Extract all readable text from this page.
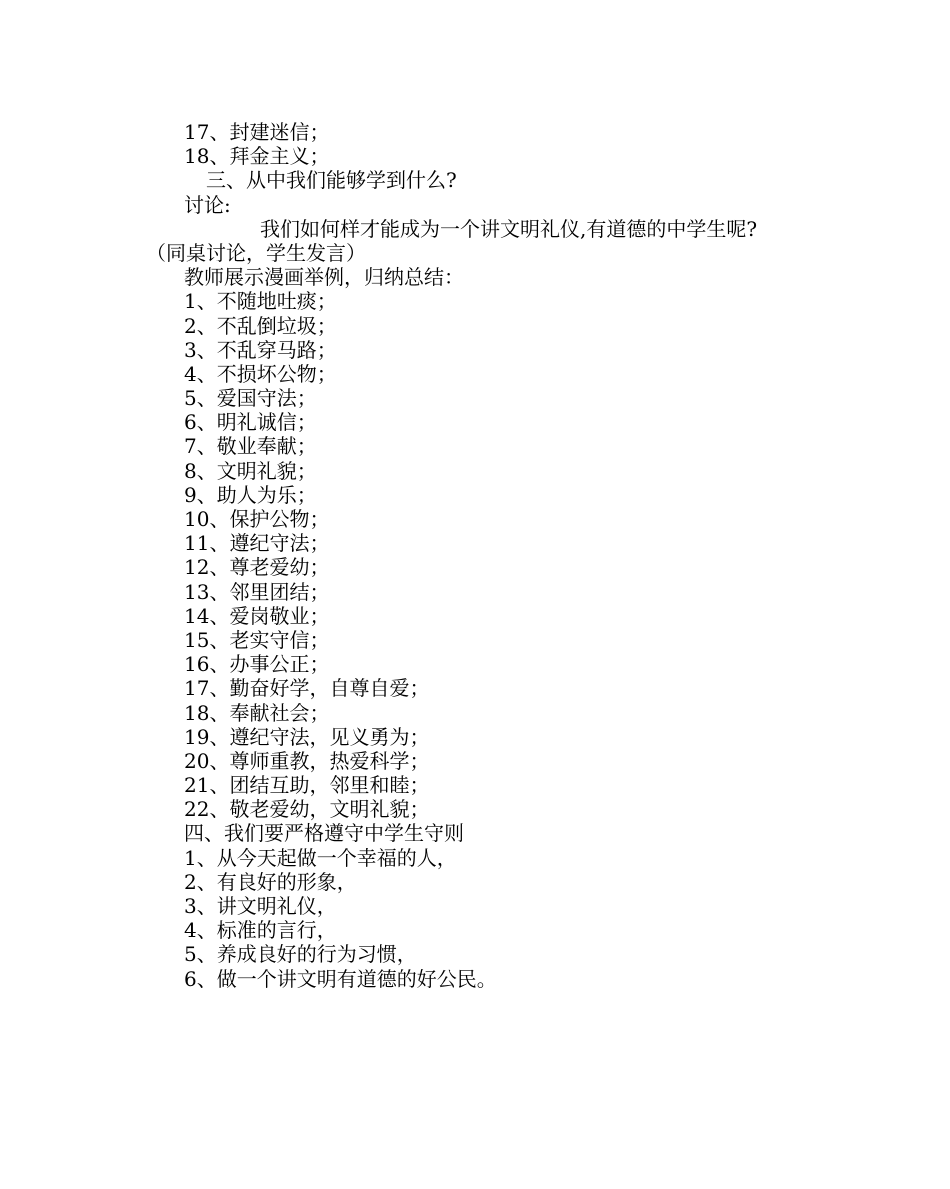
17、封建迷信；
18、拜金主义；
三、从中我们能够学到什么?
讨论:
我们如何样才能成为一个讲文明礼仪,有道德的中学生呢?
（同桌讨论，学生发言）
教师展示漫画举例，归纳总结：
1、不随地吐痰；
2、不乱倒垃圾；
3、不乱穿马路；
4、不损坏公物；
5、爱国守法；
6、明礼诚信；
7、敬业奉献；
8、文明礼貌；
9、助人为乐；
10、保护公物；
11、遵纪守法；
12、尊老爱幼；
13、邻里团结；
14、爱岗敬业；
15、老实守信；
16、办事公正；
17、勤奋好学，自尊自爱；
18、奉献社会；
19、遵纪守法，见义勇为；
20、尊师重教，热爱科学；
21、团结互助，邻里和睦；
22、敬老爱幼，文明礼貌；
四、我们要严格遵守中学生守则
1、从今天起做一个幸福的人，
2、有良好的形象，
3、讲文明礼仪，
4、标准的言行，
5、养成良好的行为习惯，
6、做一个讲文明有道德的好公民。
